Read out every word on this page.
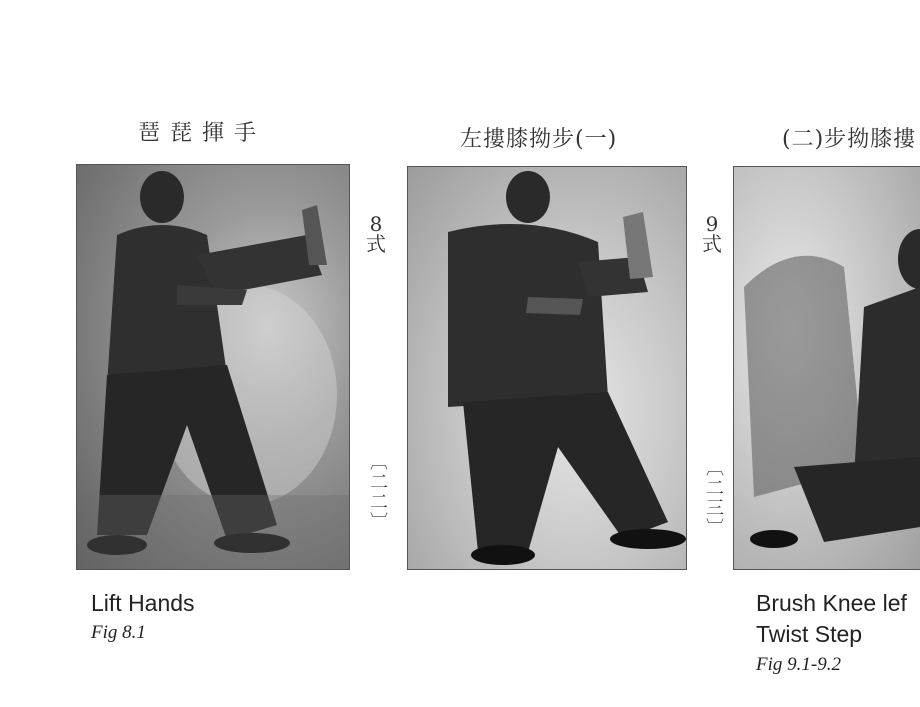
手揮琵琶	左摟膝拗步(一)	(二)步拗膝摟
8
式
〔二二〕
9
式
〔二三〕
Lift Hands
Fig 8.1
Brush Knee lef
Twist Step
Fig 9.1-9.2
